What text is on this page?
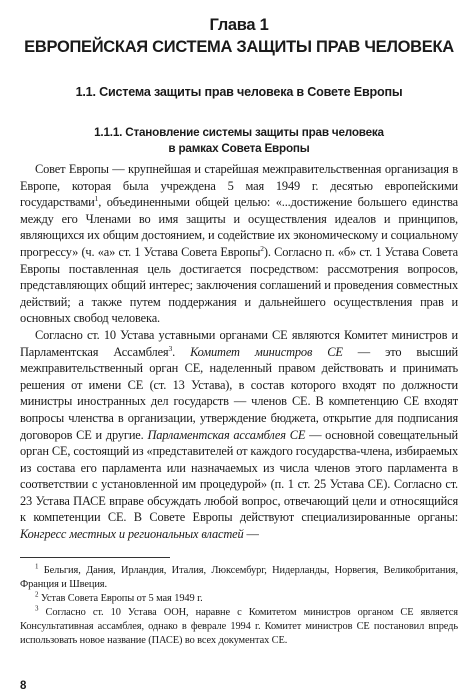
Глава 1
ЕВРОПЕЙСКАЯ СИСТЕМА ЗАЩИТЫ ПРАВ ЧЕЛОВЕКА
1.1. Система защиты прав человека в Совете Европы
1.1.1. Становление системы защиты прав человека
в рамках Совета Европы

Совет Европы — крупнейшая и старейшая межправительственная организация в Европе, которая была учреждена 5 мая 1949 г. десятью европейскими государствами$^1$, объединенными общей целью: «...достижение большего единства между его Членами во имя защиты и осуществления идеалов и принципов, являющихся их общим достоянием, и содействие их экономическому и социальному прогрессу» (ч. «а» ст. 1 Устава Совета Европы$^2$). Согласно п. «б» ст. 1 Устава Совета Европы поставленная цель достигается посредством: рассмотрения вопросов, представляющих общий интерес; заключения соглашений и проведения совместных действий; а также путем поддержания и дальнейшего осуществления прав и основных свобод человека.

Согласно ст. 10 Устава уставными органами СЕ являются Комитет министров и Парламентская Ассамблея$^3$. Комитет министров СЕ — это высший межправительственный орган СЕ, наделенный правом действовать и принимать решения от имени СЕ (ст. 13 Устава), в состав которого входят по должности министры иностранных дел государств — членов СЕ. В компетенцию СЕ входят вопросы членства в организации, утверждение бюджета, открытие для подписания договоров СЕ и другие. Парламентская ассамблея СЕ — основной совещательный орган СЕ, состоящий из «представителей от каждого государства-члена, избираемых из состава его парламента или назначаемых из числа членов этого парламента в соответствии с установленной им процедурой» (п. 1 ст. 25 Устава СЕ). Согласно ст. 23 Устава ПАСЕ вправе обсуждать любой вопрос, отвечающий цели и относящийся к компетенции СЕ. В Совете Европы действуют специализированные органы: Конгресс местных и региональных властей —

$^1$ Бельгия, Дания, Ирландия, Италия, Люксембург, Нидерланды, Норвегия, Великобритания, Франция и Швеция.

$^2$ Устав Совета Европы от 5 мая 1949 г.

$^3$ Согласно ст. 10 Устава ООН, наравне с Комитетом министров органом СЕ является Консультативная ассамблея, однако в феврале 1994 г. Комитет министров СЕ постановил впредь использовать новое название (ПАСЕ) во всех документах СЕ.

8
